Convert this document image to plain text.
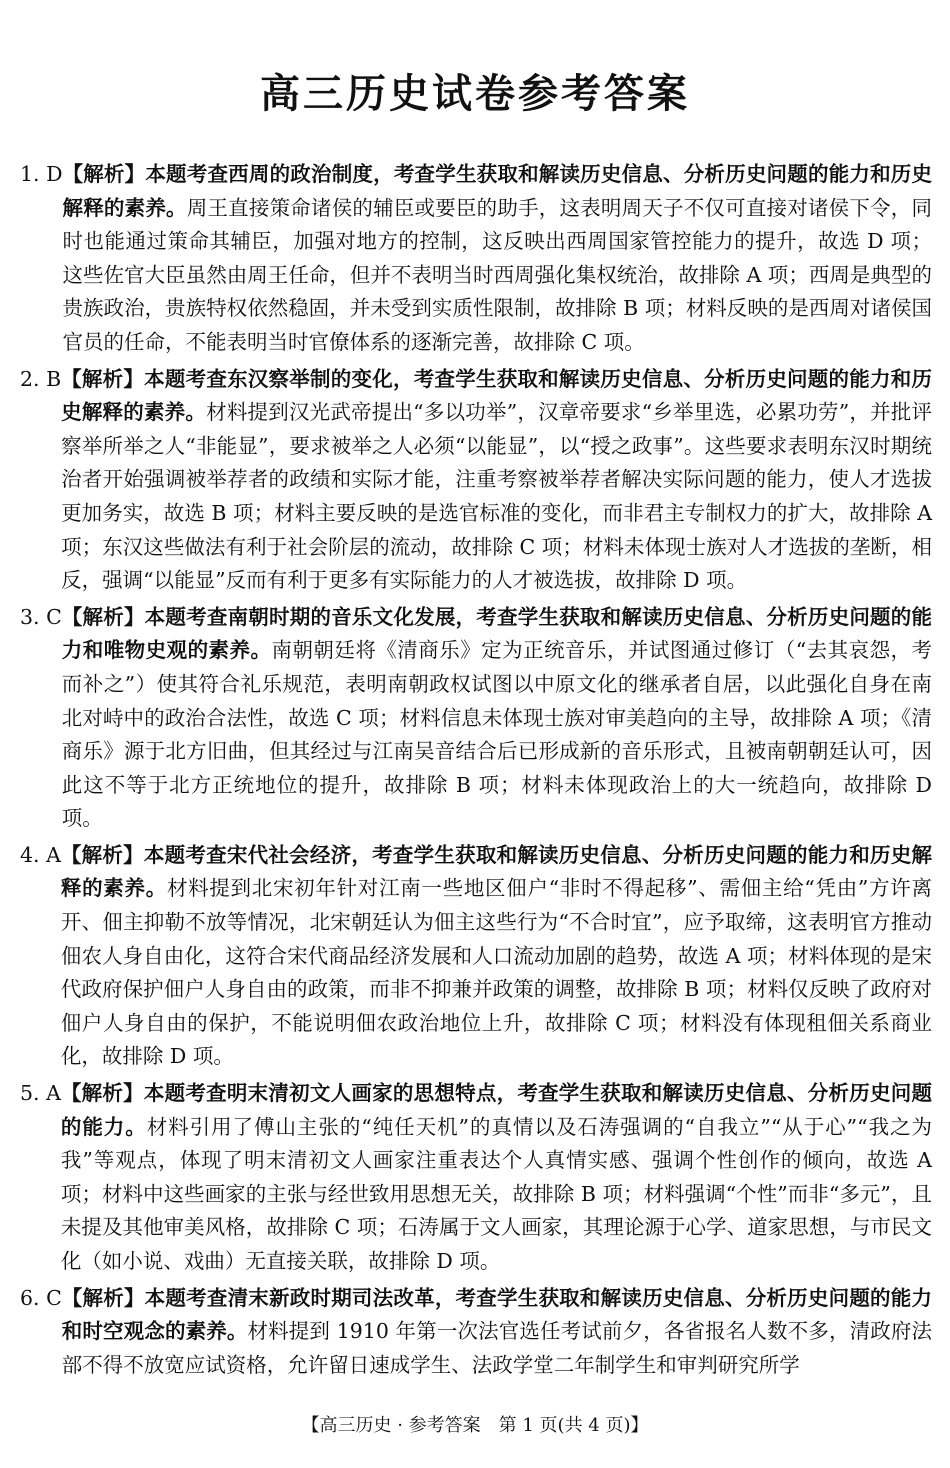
高三历史试卷参考答案
1. D 【解析】本题考查西周的政治制度，考查学生获取和解读历史信息、分析历史问题的能力和历史解释的素养。周王直接策命诸侯的辅臣或要臣的助手，这表明周天子不仅可直接对诸侯下令，同时也能通过策命其辅臣，加强对地方的控制，这反映出西周国家管控能力的提升，故选 D 项；这些佐官大臣虽然由周王任命，但并不表明当时西周强化集权统治，故排除 A 项；西周是典型的贵族政治，贵族特权依然稳固，并未受到实质性限制，故排除 B 项；材料反映的是西周对诸侯国官员的任命，不能表明当时官僚体系的逐渐完善，故排除 C 项。
2. B 【解析】本题考查东汉察举制的变化，考查学生获取和解读历史信息、分析历史问题的能力和历史解释的素养。材料提到汉光武帝提出“多以功举”，汉章帝要求“乡举里选，必累功劳”，并批评察举所举之人“非能显”，要求被举之人必须“以能显”，以“授之政事”。这些要求表明东汉时期统治者开始强调被举荐者的政绩和实际才能，注重考察被举荐者解决实际问题的能力，使人才选拔更加务实，故选 B 项；材料主要反映的是选官标准的变化，而非君主专制权力的扩大，故排除 A 项；东汉这些做法有利于社会阶层的流动，故排除 C 项；材料未体现士族对人才选拔的垄断，相反，强调“以能显”反而有利于更多有实际能力的人才被选拔，故排除 D 项。
3. C 【解析】本题考查南朝时期的音乐文化发展，考查学生获取和解读历史信息、分析历史问题的能力和唯物史观的素养。南朝朝廷将《清商乐》定为正统音乐，并试图通过修订（“去其哀怨，考而补之”）使其符合礼乐规范，表明南朝政权试图以中原文化的继承者自居，以此强化自身在南北对峙中的政治合法性，故选 C 项；材料信息未体现士族对审美趋向的主导，故排除 A 项；《清商乐》源于北方旧曲，但其经过与江南吴音结合后已形成新的音乐形式，且被南朝朝廷认可，因此这不等于北方正统地位的提升，故排除 B 项；材料未体现政治上的大一统趋向，故排除 D 项。
4. A 【解析】本题考查宋代社会经济，考查学生获取和解读历史信息、分析历史问题的能力和历史解释的素养。材料提到北宋初年针对江南一些地区佃户“非时不得起移”、需佃主给“凭由”方许离开、佃主抑勒不放等情况，北宋朝廷认为佃主这些行为“不合时宜”，应予取缔，这表明官方推动佃农人身自由化，这符合宋代商品经济发展和人口流动加剧的趋势，故选 A 项；材料体现的是宋代政府保护佃户人身自由的政策，而非不抑兼并政策的调整，故排除 B 项；材料仅反映了政府对佃户人身自由的保护，不能说明佃农政治地位上升，故排除 C 项；材料没有体现租佃关系商业化，故排除 D 项。
5. A 【解析】本题考查明末清初文人画家的思想特点，考查学生获取和解读历史信息、分析历史问题的能力。材料引用了傅山主张的“纯任天机”的真情以及石涛强调的“自我立”“从于心”“我之为我”等观点，体现了明末清初文人画家注重表达个人真情实感、强调个性创作的倾向，故选 A 项；材料中这些画家的主张与经世致用思想无关，故排除 B 项；材料强调“个性”而非“多元”，且未提及其他审美风格，故排除 C 项；石涛属于文人画家，其理论源于心学、道家思想，与市民文化（如小说、戏曲）无直接关联，故排除 D 项。
6. C 【解析】本题考查清末新政时期司法改革，考查学生获取和解读历史信息、分析历史问题的能力和时空观念的素养。材料提到 1910 年第一次法官选任考试前夕，各省报名人数不多，清政府法部不得不放宽应试资格，允许留日速成学生、法政学堂二年制学生和审判研究所学
【高三历史 · 参考答案　第 1 页(共 4 页)】
